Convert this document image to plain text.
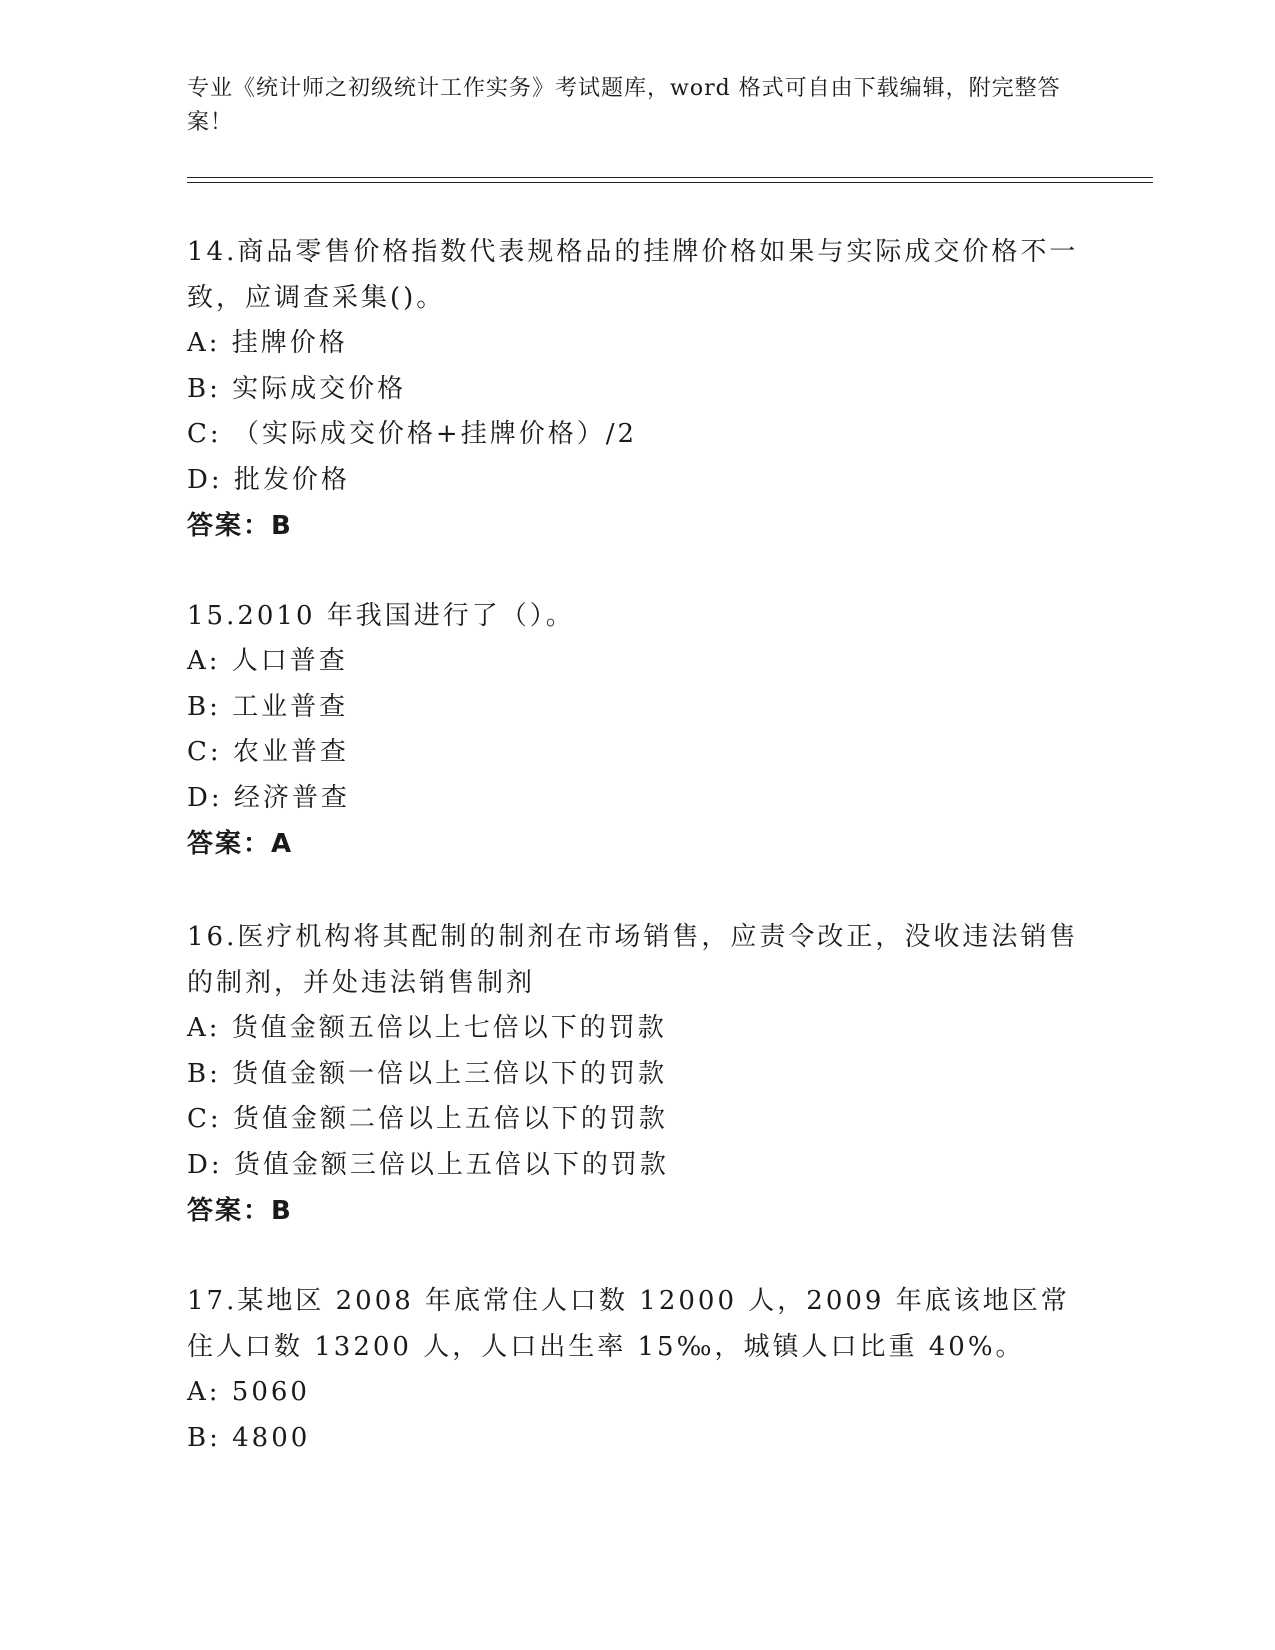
专业《统计师之初级统计工作实务》考试题库，word 格式可自由下载编辑，附完整答案！
14.商品零售价格指数代表规格品的挂牌价格如果与实际成交价格不一致，应调查采集()。
A: 挂牌价格
B: 实际成交价格
C: （实际成交价格+挂牌价格）/2
D: 批发价格
答案：B
15.2010 年我国进行了（）。
A: 人口普查
B: 工业普查
C: 农业普查
D: 经济普查
答案：A
16.医疗机构将其配制的制剂在市场销售，应责令改正，没收违法销售的制剂，并处违法销售制剂
A: 货值金额五倍以上七倍以下的罚款
B: 货值金额一倍以上三倍以下的罚款
C: 货值金额二倍以上五倍以下的罚款
D: 货值金额三倍以上五倍以下的罚款
答案：B
17.某地区 2008 年底常住人口数 12000 人，2009 年底该地区常住人口数 13200 人，人口出生率 15‰，城镇人口比重 40%。
A: 5060
B: 4800
